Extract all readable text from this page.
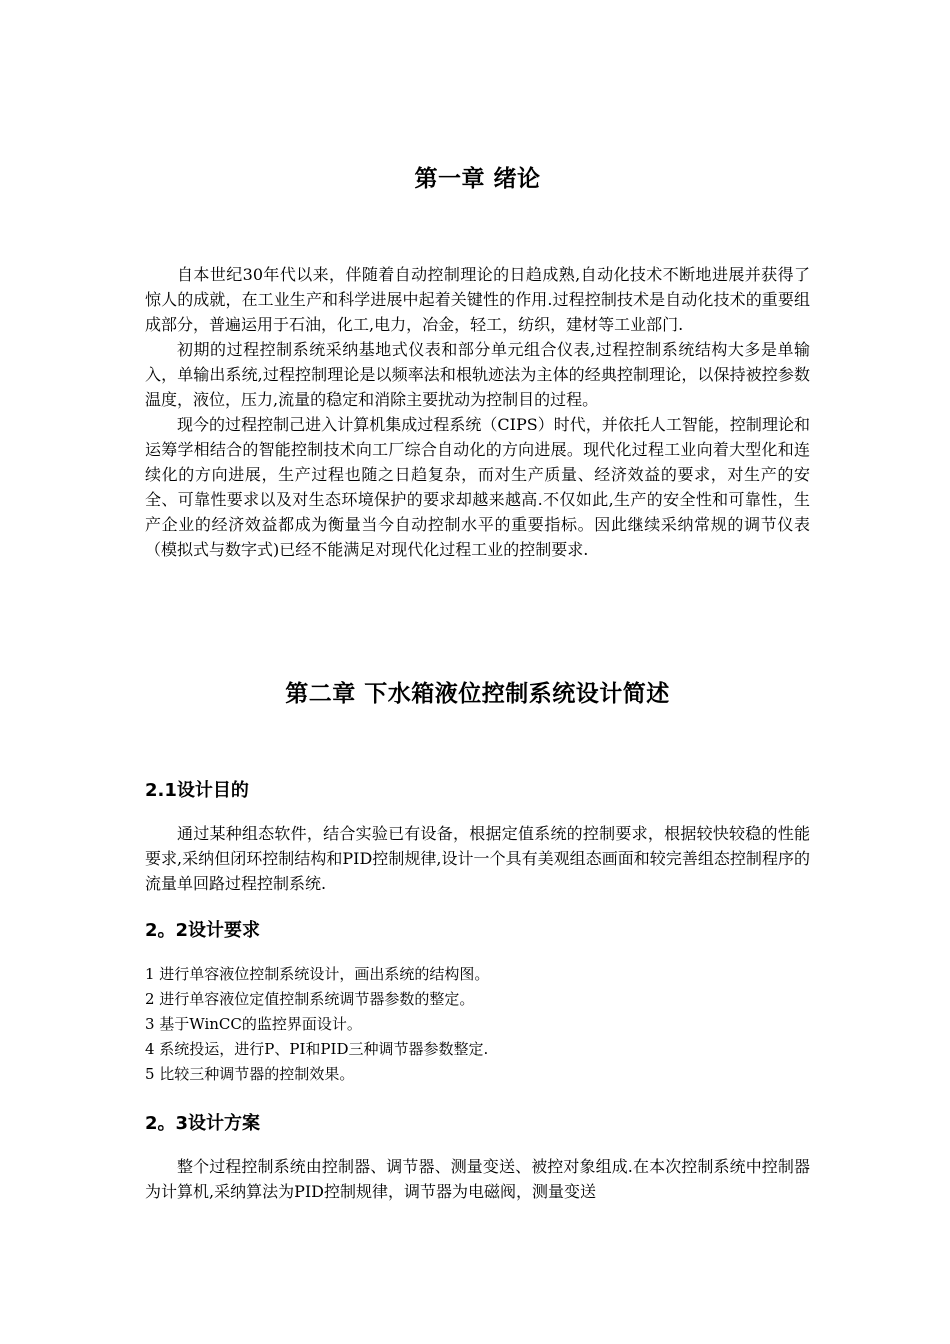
第一章 绪论

自本世纪30年代以来，伴随着自动控制理论的日趋成熟,自动化技术不断地进展并获得了惊人的成就，在工业生产和科学进展中起着关键性的作用.过程控制技术是自动化技术的重要组成部分，普遍运用于石油，化工,电力，冶金，轻工，纺织，建材等工业部门.

初期的过程控制系统采纳基地式仪表和部分单元组合仪表,过程控制系统结构大多是单输入，单输出系统,过程控制理论是以频率法和根轨迹法为主体的经典控制理论，以保持被控参数温度，液位，压力,流量的稳定和消除主要扰动为控制目的过程。

现今的过程控制己进入计算机集成过程系统（CIPS）时代，并依托人工智能，控制理论和运筹学相结合的智能控制技术向工厂综合自动化的方向进展。现代化过程工业向着大型化和连续化的方向进展，生产过程也随之日趋复杂，而对生产质量、经济效益的要求，对生产的安全、可靠性要求以及对生态环境保护的要求却越来越高.不仅如此,生产的安全性和可靠性，生产企业的经济效益都成为衡量当今自动控制水平的重要指标。因此继续采纳常规的调节仪表（模拟式与数字式)已经不能满足对现代化过程工业的控制要求.

第二章 下水箱液位控制系统设计简述
2.1设计目的

通过某种组态软件，结合实验已有设备，根据定值系统的控制要求，根据较快较稳的性能要求,采纳但闭环控制结构和PID控制规律,设计一个具有美观组态画面和较完善组态控制程序的流量单回路过程控制系统.

2。2设计要求
1 进行单容液位控制系统设计，画出系统的结构图。
2 进行单容液位定值控制系统调节器参数的整定。
3 基于WinCC的监控界面设计。
4 系统投运，进行P、PI和PID三种调节器参数整定.
5 比较三种调节器的控制效果。
2。3设计方案

整个过程控制系统由控制器、调节器、测量变送、被控对象组成.在本次控制系统中控制器为计算机,采纳算法为PID控制规律，调节器为电磁阀，测量变送
